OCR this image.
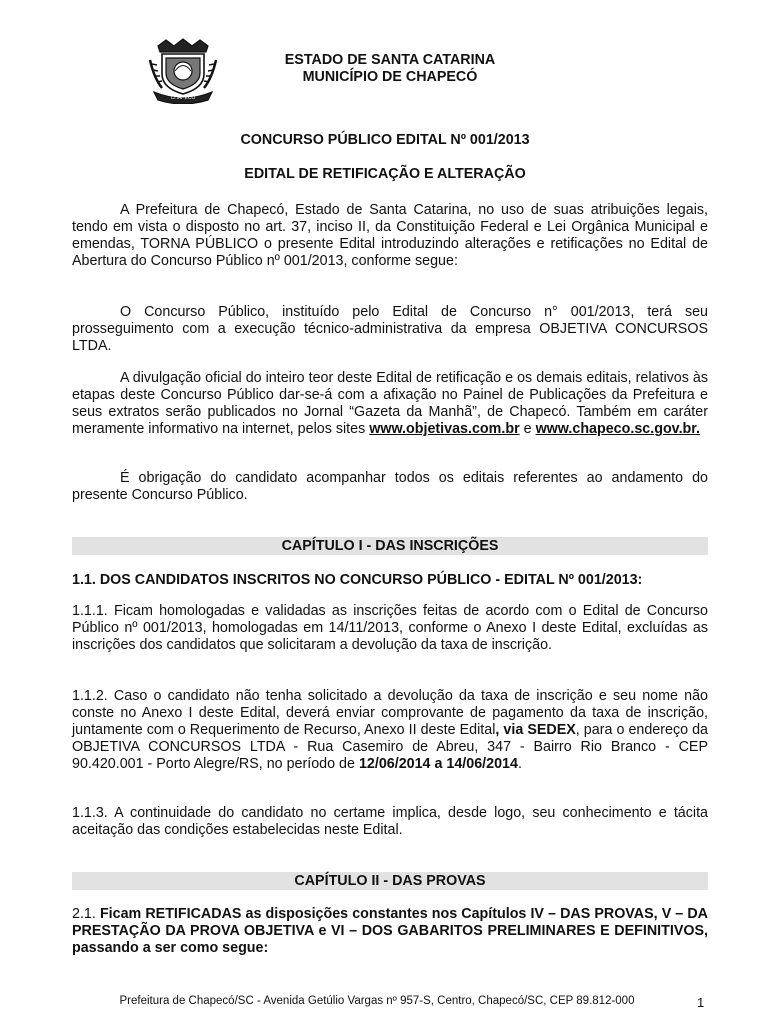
CHAPECÓ
ESTADO DE SANTA CATARINA
MUNICÍPIO DE CHAPECÓ
CONCURSO PÚBLICO EDITAL Nº 001/2013
EDITAL DE RETIFICAÇÃO E ALTERAÇÃO

A Prefeitura de Chapecó, Estado de Santa Catarina, no uso de suas atribuições legais, tendo em vista o disposto no art. 37, inciso II, da Constituição Federal e Lei Orgânica Municipal e emendas, TORNA PÚBLICO o presente Edital introduzindo alterações e retificações no Edital de Abertura do Concurso Público nº 001/2013, conforme segue:

O Concurso Público, instituído pelo Edital de Concurso n° 001/2013, terá seu prosseguimento com a execução técnico-administrativa da empresa OBJETIVA CONCURSOS LTDA.

A divulgação oficial do inteiro teor deste Edital de retificação e os demais editais, relativos às etapas deste Concurso Público dar-se-á com a afixação no Painel de Publicações da Prefeitura e seus extratos serão publicados no Jornal “Gazeta da Manhã”, de Chapecó. Também em caráter meramente informativo na internet, pelos sites www.objetivas.com.br e www.chapeco.sc.gov.br.

É obrigação do candidato acompanhar todos os editais referentes ao andamento do presente Concurso Público.

CAPÍTULO I - DAS INSCRIÇÕES
1.1. DOS CANDIDATOS INSCRITOS NO CONCURSO PÚBLICO - EDITAL Nº 001/2013:

1.1.1. Ficam homologadas e validadas as inscrições feitas de acordo com o Edital de Concurso Público nº 001/2013, homologadas em 14/11/2013, conforme o Anexo I deste Edital, excluídas as inscrições dos candidatos que solicitaram a devolução da taxa de inscrição.

1.1.2. Caso o candidato não tenha solicitado a devolução da taxa de inscrição e seu nome não conste no Anexo I deste Edital, deverá enviar comprovante de pagamento da taxa de inscrição, juntamente com o Requerimento de Recurso, Anexo II deste Edital, via SEDEX, para o endereço da OBJETIVA CONCURSOS LTDA - Rua Casemiro de Abreu, 347 - Bairro Rio Branco - CEP 90.420.001 - Porto Alegre/RS, no período de 12/06/2014 a 14/06/2014.

1.1.3. A continuidade do candidato no certame implica, desde logo, seu conhecimento e tácita aceitação das condições estabelecidas neste Edital.

CAPÍTULO II - DAS PROVAS

2.1. Ficam RETIFICADAS as disposições constantes nos Capítulos IV – DAS PROVAS, V – DA PRESTAÇÃO DA PROVA OBJETIVA e VI – DOS GABARITOS PRELIMINARES E DEFINITIVOS, passando a ser como segue:

Prefeitura de Chapecó/SC - Avenida Getúlio Vargas nº 957-S, Centro, Chapecó/SC, CEP 89.812-000	1
